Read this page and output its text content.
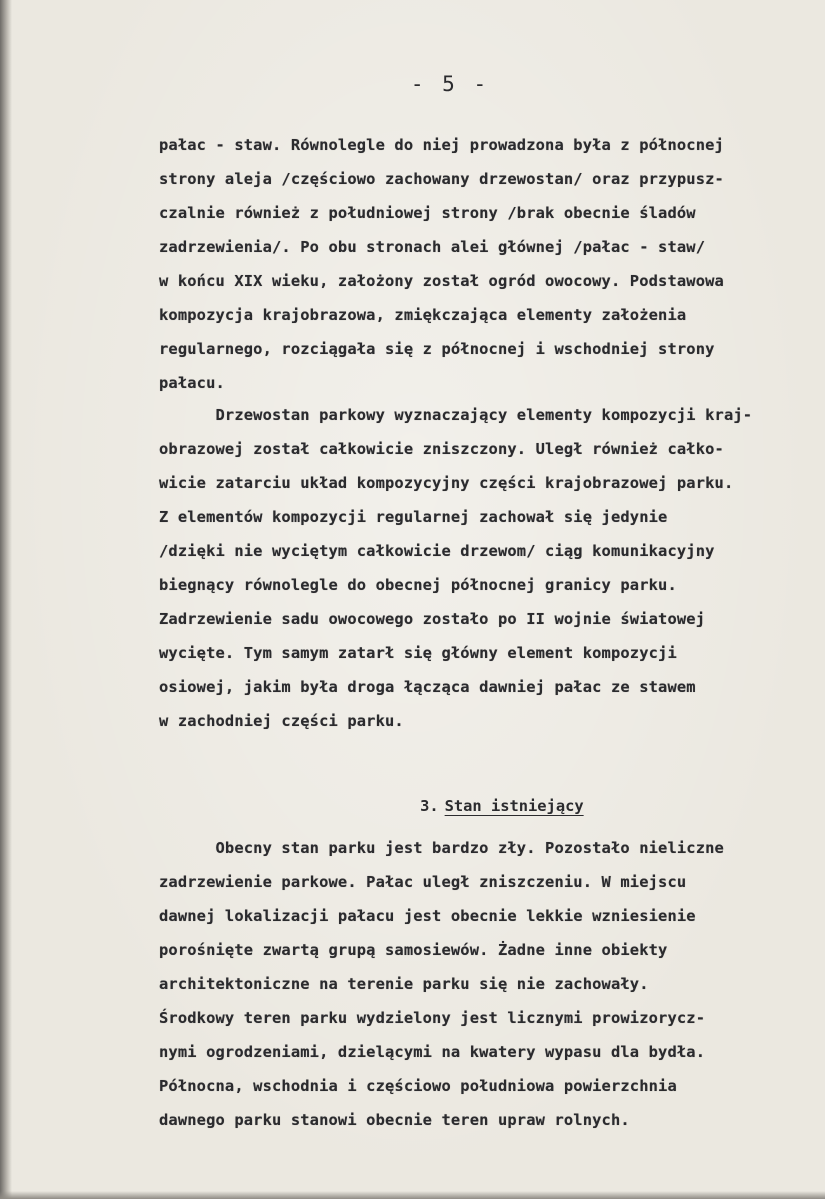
- 5 -
pałac - staw. Równolegle do niej prowadzona była z północnej
strony aleja /częściowo zachowany drzewostan/ oraz przypusz-
czalnie również z południowej strony /brak obecnie śladów
zadrzewienia/. Po obu stronach alei głównej /pałac - staw/
w końcu XIX wieku, założony został ogród owocowy. Podstawowa
kompozycja krajobrazowa, zmiękczająca elementy założenia
regularnego, rozciągała się z północnej i wschodniej strony
pałacu.
Drzewostan parkowy wyznaczający elementy kompozycji kraj-
obrazowej został całkowicie zniszczony. Uległ również całko-
wicie zatarciu układ kompozycyjny części krajobrazowej parku.
Z elementów kompozycji regularnej zachował się jedynie
/dzięki nie wyciętym całkowicie drzewom/ ciąg komunikacyjny
biegnący równolegle do obecnej północnej granicy parku.
Zadrzewienie sadu owocowego zostało po II wojnie światowej
wycięte. Tym samym zatarł się główny element kompozycji
osiowej, jakim była droga łącząca dawniej pałac ze stawem
w zachodniej części parku.

3. Stan istniejący

Obecny stan parku jest bardzo zły. Pozostało nieliczne
zadrzewienie parkowe. Pałac uległ zniszczeniu. W miejscu
dawnej lokalizacji pałacu jest obecnie lekkie wzniesienie
porośnięte zwartą grupą samosiewów. Żadne inne obiekty
architektoniczne na terenie parku się nie zachowały.
Środkowy teren parku wydzielony jest licznymi prowizorycz-
nymi ogrodzeniami, dzielącymi na kwatery wypasu dla bydła.
Północna, wschodnia i częściowo południowa powierzchnia
dawnego parku stanowi obecnie teren upraw rolnych.
